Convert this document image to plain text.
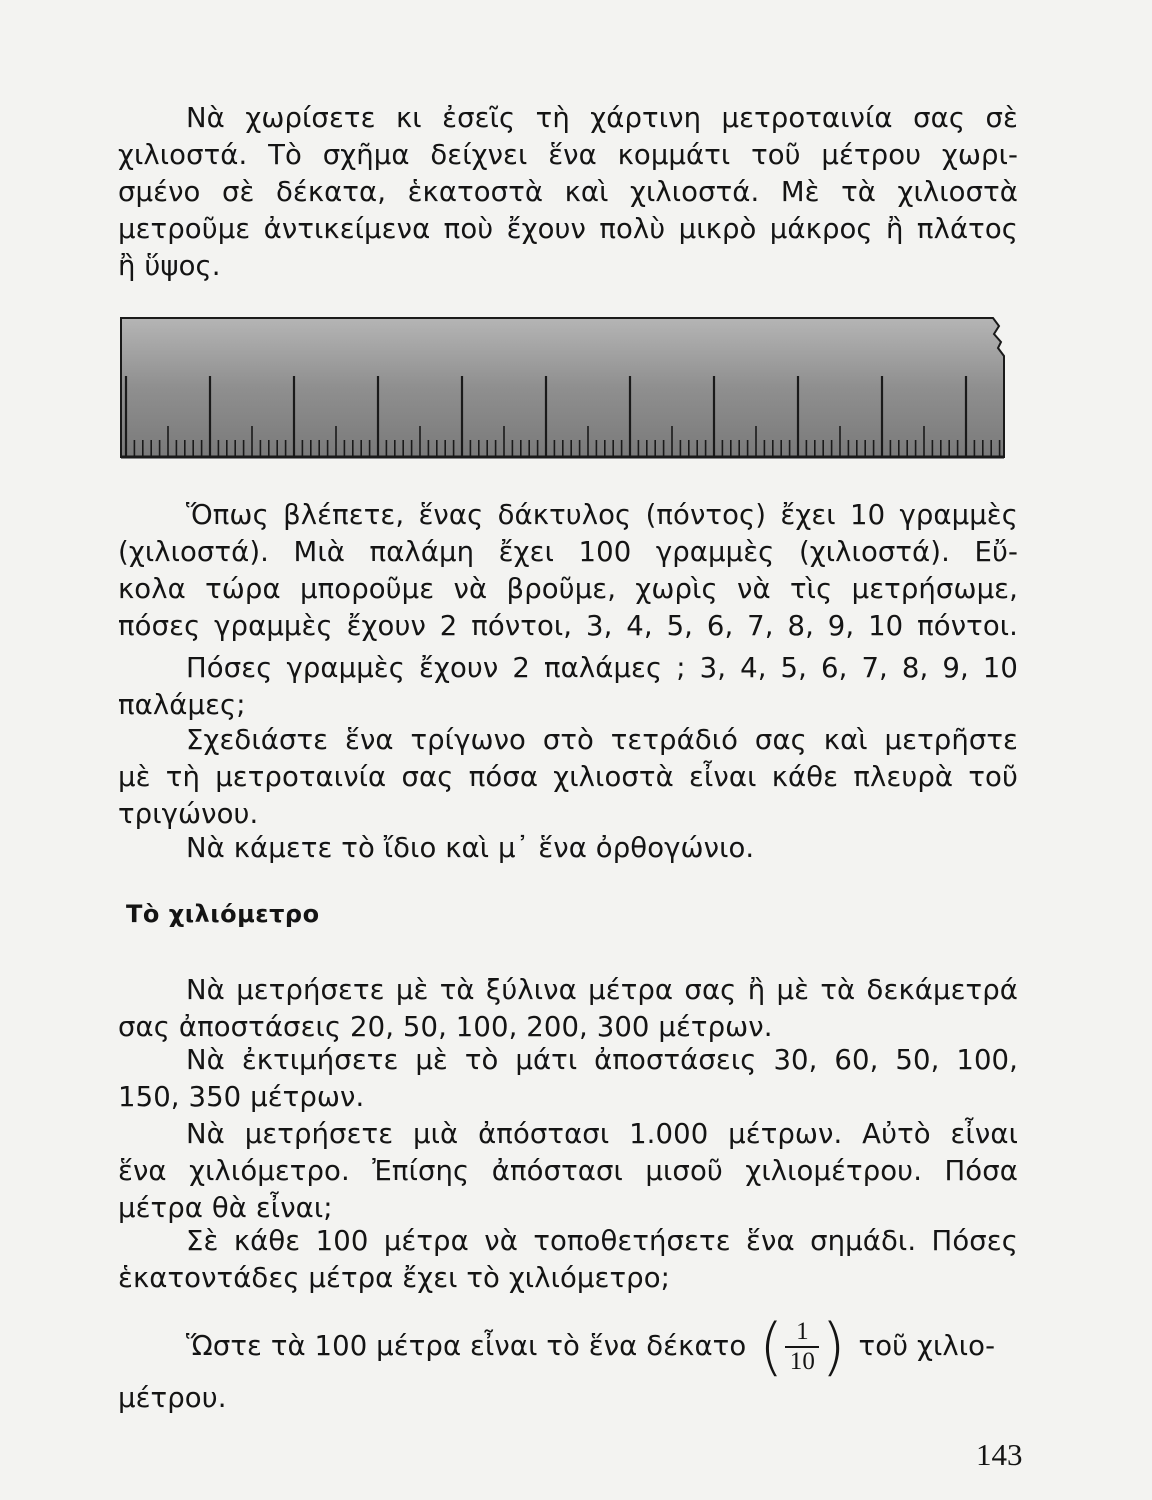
Νὰ χωρίσετε κι ἐσεῖς τὴ χάρτινη μετροταινία σας σὲ
χιλιοστά. Τὸ σχῆμα δείχνει ἕνα κομμάτι τοῦ μέτρου χωρι-
σμένο σὲ δέκατα, ἑκατοστὰ καὶ χιλιοστά. Μὲ τὰ χιλιοστὰ
μετροῦμε ἀντικείμενα ποὺ ἔχουν πολὺ μικρὸ μάκρος ἢ πλάτος
ἢ ὕψος.
Ὅπως βλέπετε, ἕνας δάκτυλος (πόντος) ἔχει 10 γραμμὲς
(χιλιοστά). Μιὰ παλάμη ἔχει 100 γραμμὲς (χιλιοστά). Εὔ-
κολα τώρα μποροῦμε νὰ βροῦμε, χωρὶς νὰ τὶς μετρήσωμε,
πόσες γραμμὲς ἔχουν 2 πόντοι, 3, 4, 5, 6, 7, 8, 9, 10 πόντοι.
Πόσες γραμμὲς ἔχουν 2 παλάμες ; 3, 4, 5, 6, 7, 8, 9, 10
παλάμες;
Σχεδιάστε ἕνα τρίγωνο στὸ τετράδιό σας καὶ μετρῆστε
μὲ τὴ μετροταινία σας πόσα χιλιοστὰ εἶναι κάθε πλευρὰ τοῦ
τριγώνου.
Νὰ κάμετε τὸ ἴδιο καὶ μ᾽ ἕνα ὀρθογώνιο.
Τὸ χιλιόμετρο
Νὰ μετρήσετε μὲ τὰ ξύλινα μέτρα σας ἢ μὲ τὰ δεκάμετρά
σας ἀποστάσεις 20, 50, 100, 200, 300 μέτρων.
Νὰ ἐκτιμήσετε μὲ τὸ μάτι ἀποστάσεις 30, 60, 50, 100,
150, 350 μέτρων.
Νὰ μετρήσετε μιὰ ἀπόστασι 1.000 μέτρων. Αὐτὸ εἶναι
ἕνα χιλιόμετρο. Ἐπίσης ἀπόστασι μισοῦ χιλιομέτρου. Πόσα
μέτρα θὰ εἶναι;
Σὲ κάθε 100 μέτρα νὰ τοποθετήσετε ἕνα σημάδι. Πόσες
ἑκατοντάδες μέτρα ἔχει τὸ χιλιόμετρο;
Ὥστε τὰ 100 μέτρα εἶναι τὸ ἕνα δέκατο ( 1
10 ) τοῦ χιλιο-
μέτρου.
143
